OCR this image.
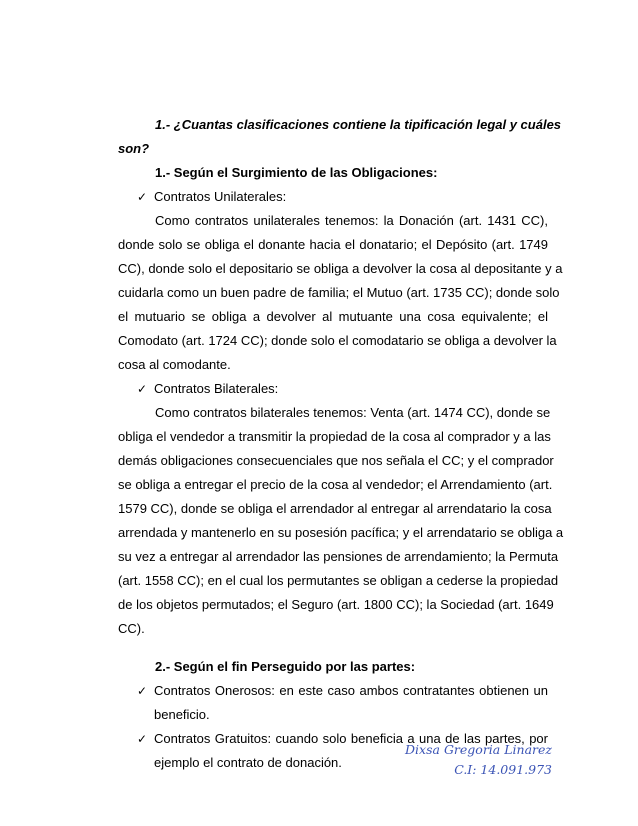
1.- ¿Cuantas clasificaciones contiene la tipificación legal y cuáles
son?
1.- Según el Surgimiento de las Obligaciones:
✓ Contratos Unilaterales:
Como contratos unilaterales tenemos: la Donación (art. 1431 CC),
donde solo se obliga el donante hacia el donatario; el Depósito (art. 1749
CC), donde solo el depositario se obliga a devolver la cosa al depositante y a
cuidarla como un buen padre de familia; el Mutuo (art. 1735 CC); donde solo
el mutuario se obliga a devolver al mutuante una cosa equivalente; el
Comodato (art. 1724 CC); donde solo el comodatario se obliga a devolver la
cosa al comodante.
✓ Contratos Bilaterales:
Como contratos bilaterales tenemos: Venta (art. 1474 CC), donde se
obliga el vendedor a transmitir la propiedad de la cosa al comprador y a las
demás obligaciones consecuenciales que nos señala el CC; y el comprador
se obliga a entregar el precio de la cosa al vendedor; el Arrendamiento (art.
1579 CC), donde se obliga el arrendador al entregar al arrendatario la cosa
arrendada y mantenerlo en su posesión pacífica; y el arrendatario se obliga a
su vez a entregar al arrendador las pensiones de arrendamiento; la Permuta
(art. 1558 CC); en el cual los permutantes se obligan a cederse la propiedad
de los objetos permutados; el Seguro (art. 1800 CC); la Sociedad (art. 1649
CC).
2.- Según el fin Perseguido por las partes:
✓ Contratos Onerosos: en este caso ambos contratantes obtienen un
beneficio.
✓ Contratos Gratuitos: cuando solo beneficia a una de las partes, por
ejemplo el contrato de donación.
Dixsa Gregoria Linarez
C.I: 14.091.973
